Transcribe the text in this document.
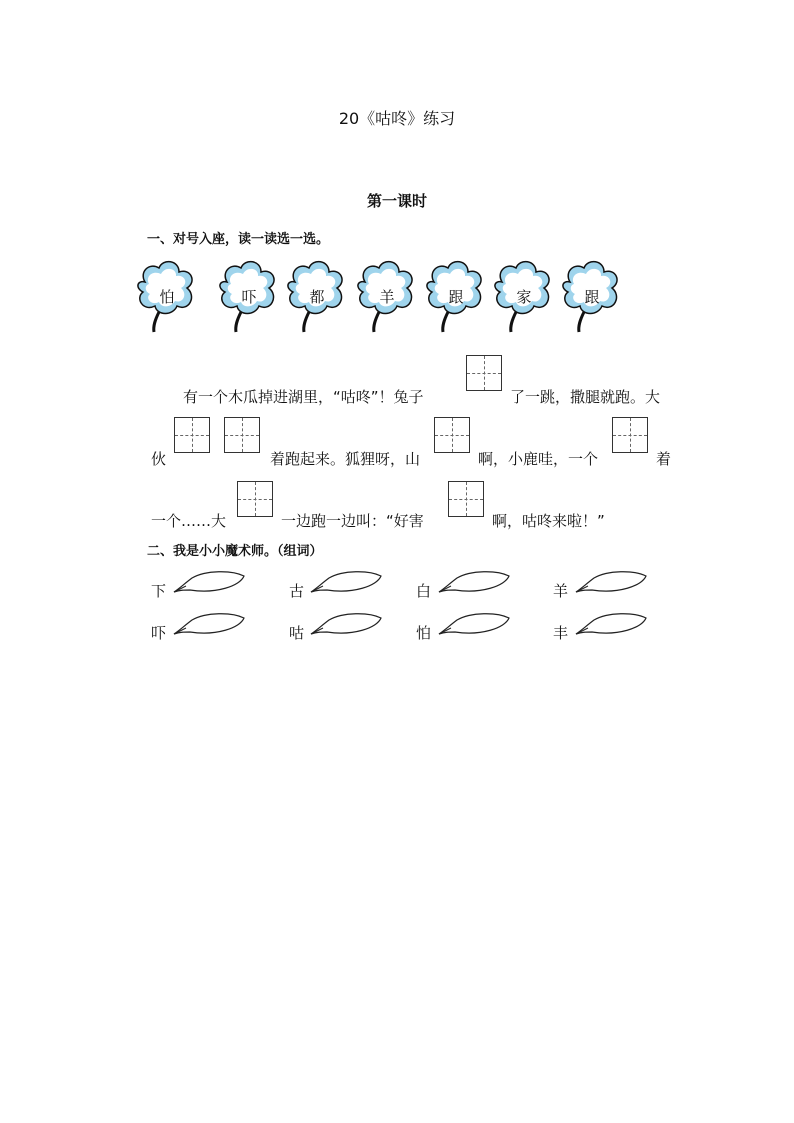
20《咕咚》练习
第一课时
一、对号入座，读一读选一选。
怕	吓	都	羊	跟	家	跟
有一个木瓜掉进湖里，“咕咚”！兔子	了一跳，撒腿就跑。大
伙	着跑起来。狐狸呀，山	啊，小鹿哇，一个	着
一个……大	一边跑一边叫：“好害	啊，咕咚来啦！”
二、我是小小魔术师。（组词）
下	古	白	羊
吓	咕	怕	丰
